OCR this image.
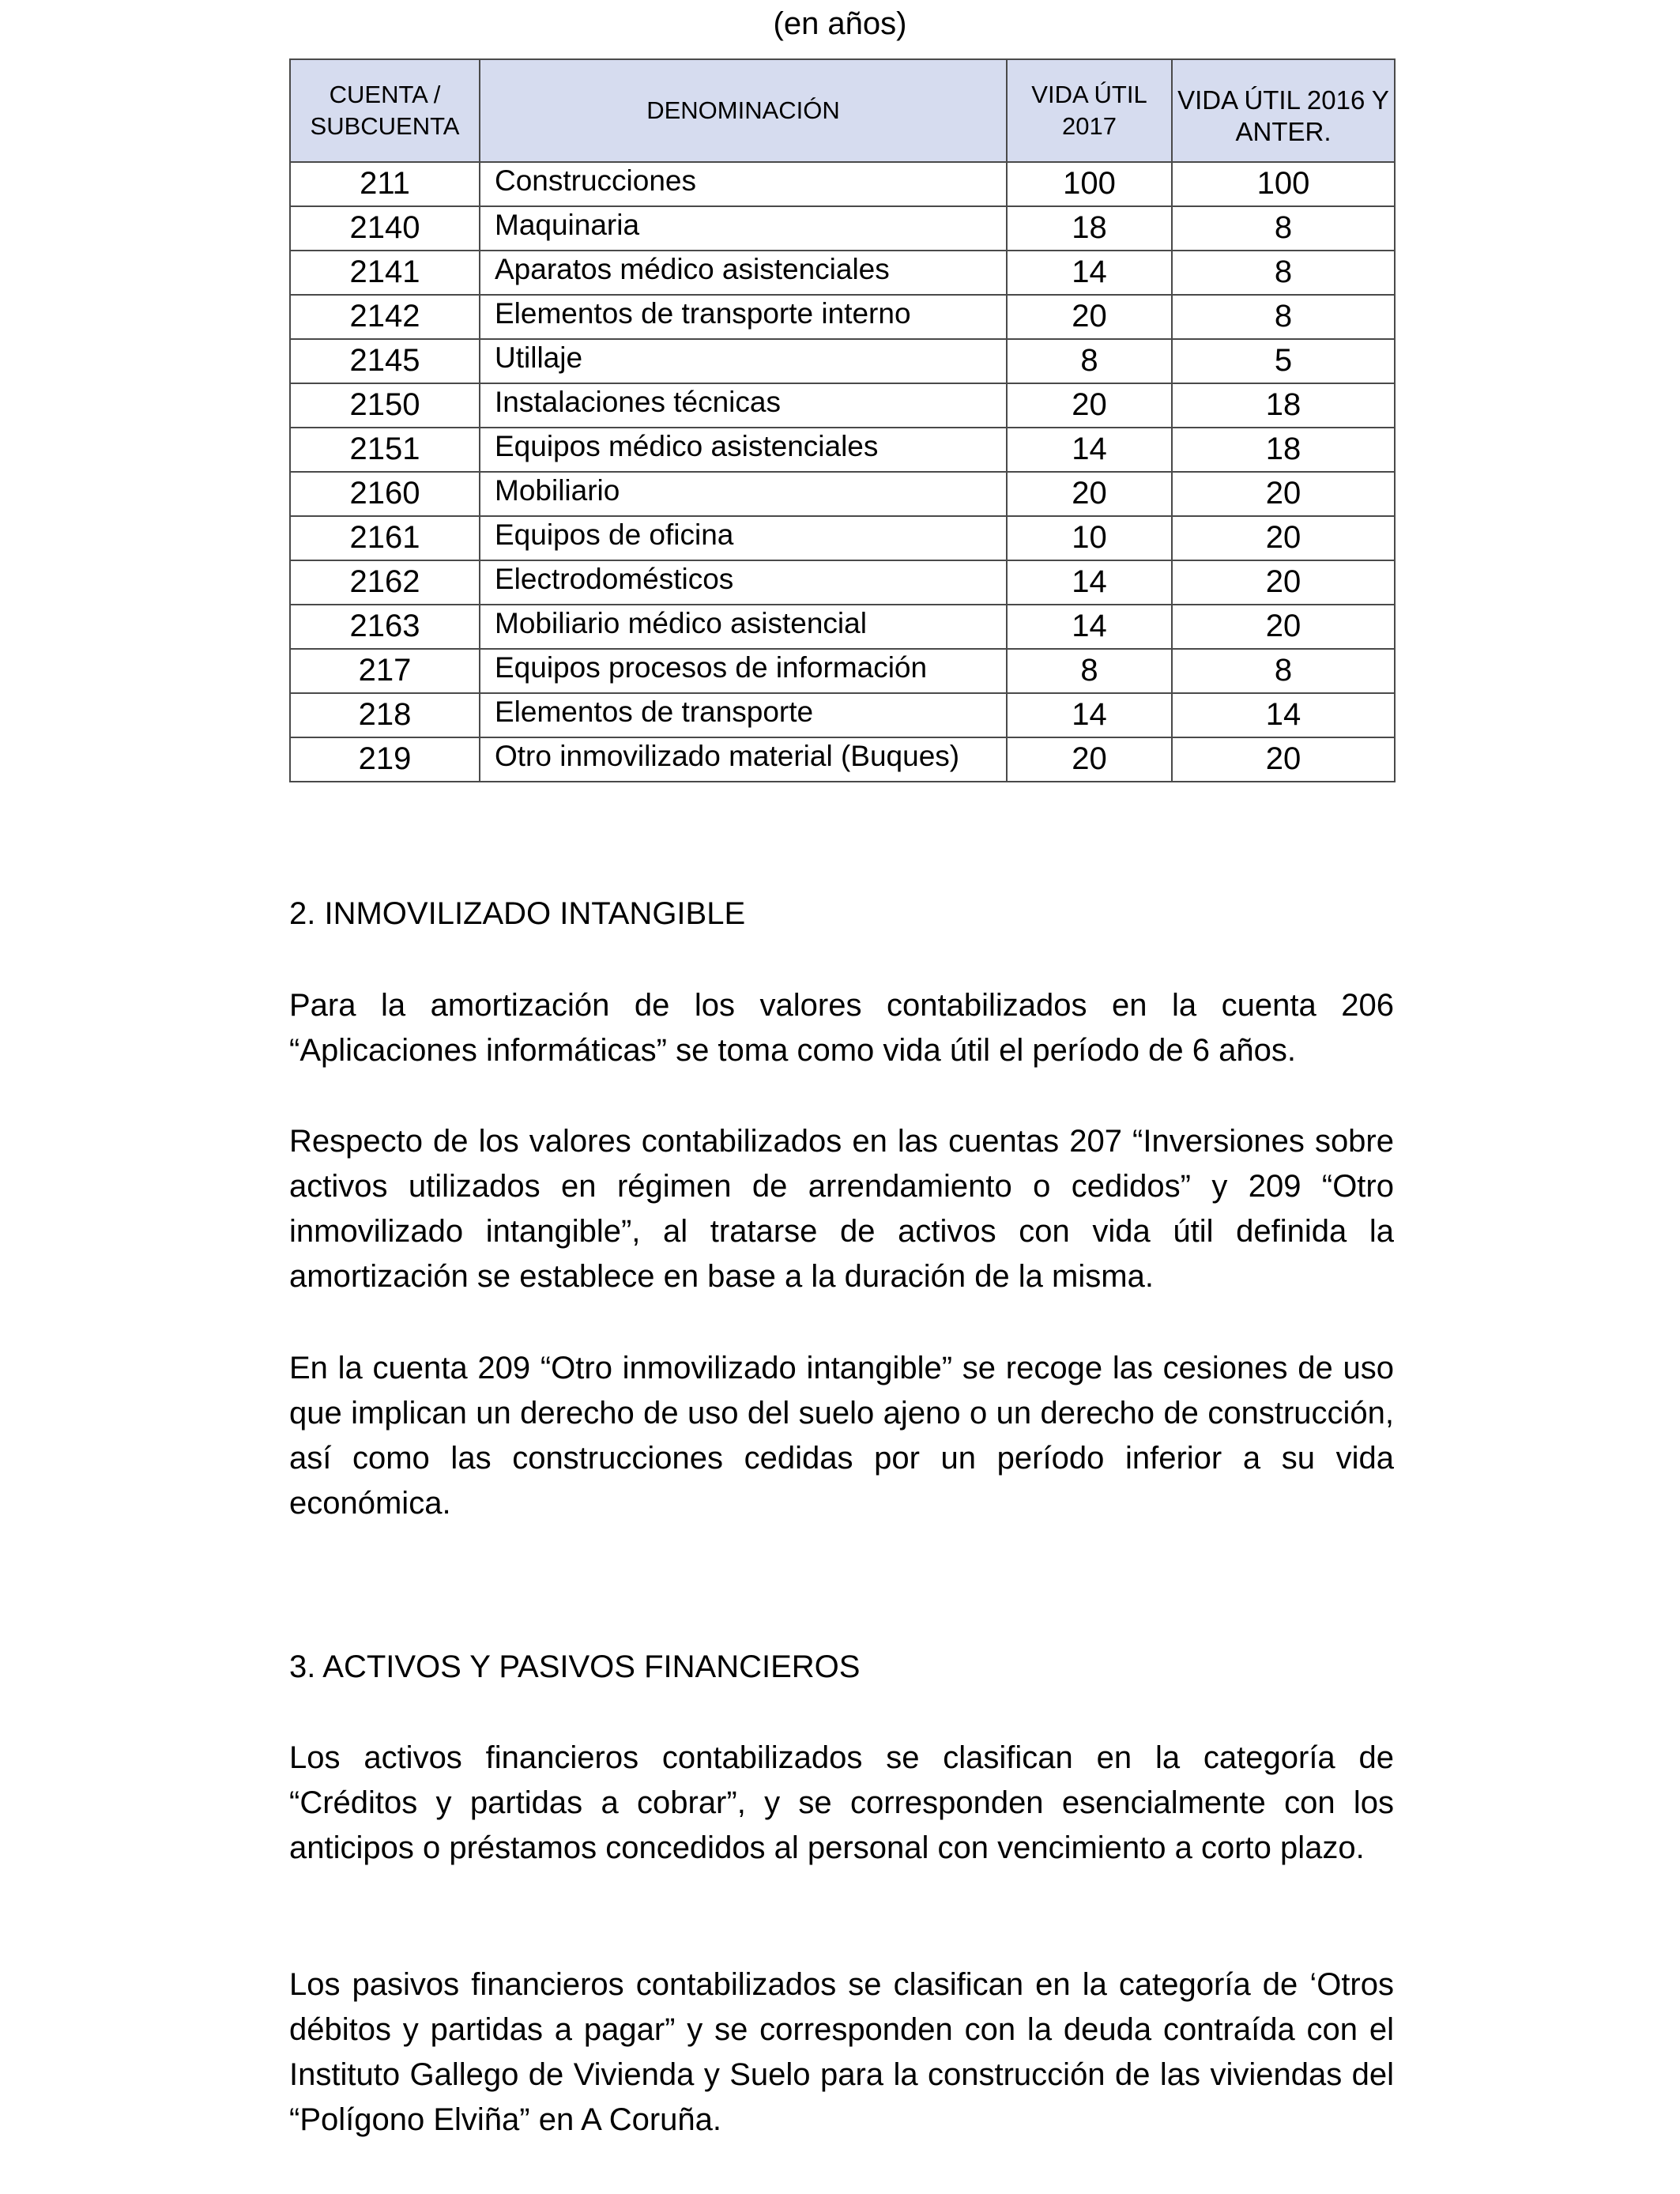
(en años)
CUENTA / SUBCUENTA	DENOMINACIÓN	VIDA ÚTIL 2017	VIDA ÚTIL 2016 Y ANTER.
211	Construcciones	100	100
2140	Maquinaria	18	8
2141	Aparatos médico asistenciales	14	8
2142	Elementos de transporte interno	20	8
2145	Utillaje	8	5
2150	Instalaciones técnicas	20	18
2151	Equipos médico asistenciales	14	18
2160	Mobiliario	20	20
2161	Equipos de oficina	10	20
2162	Electrodomésticos	14	20
2163	Mobiliario médico asistencial	14	20
217	Equipos procesos de información	8	8
218	Elementos de transporte	14	14
219	Otro inmovilizado material (Buques)	20	20
2. INMOVILIZADO INTANGIBLE

Para la amortización de los valores contabilizados en la cuenta 206 “Aplicaciones informáticas” se toma como vida útil el período de 6 años.

Respecto de los valores contabilizados en las cuentas 207 “Inversiones sobre activos utilizados en régimen de arrendamiento o cedidos” y 209 “Otro inmovilizado intangible”, al tratarse de activos con vida útil definida la amortización se establece en base a la duración de la misma.

En la cuenta 209 “Otro inmovilizado intangible” se recoge las cesiones de uso que implican un derecho de uso del suelo ajeno o un derecho de construcción, así como las construcciones cedidas por un período inferior a su vida económica.

3. ACTIVOS Y PASIVOS FINANCIEROS

Los activos financieros contabilizados se clasifican en la categoría de “Créditos y partidas a cobrar”, y se corresponden esencialmente con los anticipos o préstamos concedidos al personal con vencimiento a corto plazo.

Los pasivos financieros contabilizados se clasifican en la categoría de ‘Otros débitos y partidas a pagar” y se corresponden con la deuda contraída con el Instituto Gallego de Vivienda y Suelo para la construcción de las viviendas del “Polígono Elviña” en A Coruña.
